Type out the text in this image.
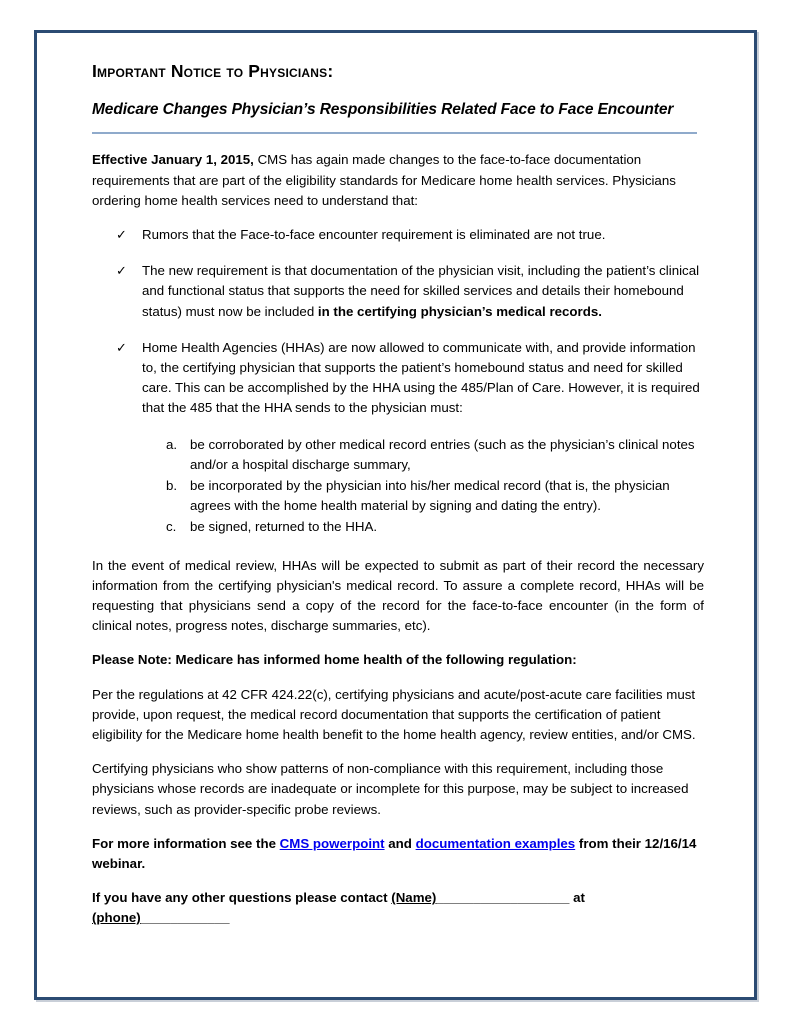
Important Notice to Physicians:
Medicare Changes Physician’s Responsibilities Related Face to Face Encounter

Effective January 1, 2015, CMS has again made changes to the face-to-face documentation requirements that are part of the eligibility standards for Medicare home health services. Physicians ordering home health services need to understand that:

✓ Rumors that the Face-to-face encounter requirement is eliminated are not true.
✓ The new requirement is that documentation of the physician visit, including the patient’s clinical and functional status that supports the need for skilled services and details their homebound status) must now be included in the certifying physician’s medical records.
✓ Home Health Agencies (HHAs) are now allowed to communicate with, and provide information to, the certifying physician that supports the patient’s homebound status and need for skilled care. This can be accomplished by the HHA using the 485/Plan of Care. However, it is required that the 485 that the HHA sends to the physician must:
a. be corroborated by other medical record entries (such as the physician’s clinical notes and/or a hospital discharge summary,
b. be incorporated by the physician into his/her medical record (that is, the physician agrees with the home health material by signing and dating the entry).
c. be signed, returned to the HHA.

In the event of medical review, HHAs will be expected to submit as part of their record the necessary information from the certifying physician's medical record. To assure a complete record, HHAs will be requesting that physicians send a copy of the record for the face-to-face encounter (in the form of clinical notes, progress notes, discharge summaries, etc).

Please Note: Medicare has informed home health of the following regulation:

Per the regulations at 42 CFR 424.22(c), certifying physicians and acute/post-acute care facilities must provide, upon request, the medical record documentation that supports the certification of patient eligibility for the Medicare home health benefit to the home health agency, review entities, and/or CMS.

Certifying physicians who show patterns of non-compliance with this requirement, including those physicians whose records are inadequate or incomplete for this purpose, may be subject to increased reviews, such as provider-specific probe reviews.

For more information see the CMS powerpoint and documentation examples from their 12/16/14 webinar.

If you have any other questions please contact (Name)__________________ at (phone)____________
